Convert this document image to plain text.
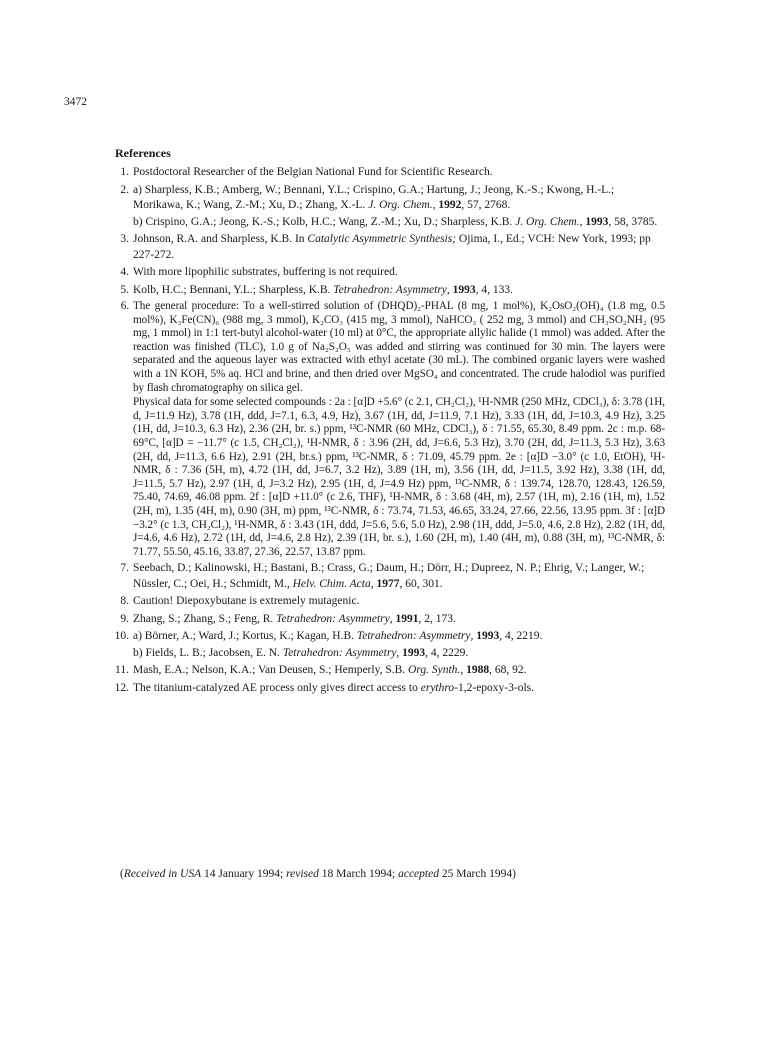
3472
References
1. Postdoctoral Researcher of the Belgian National Fund for Scientific Research.
2. a) Sharpless, K.B.; Amberg, W.; Bennani, Y.L.; Crispino, G.A.; Hartung, J.; Jeong, K.-S.; Kwong, H.-L.; Morikawa, K.; Wang, Z.-M.; Xu, D.; Zhang, X.-L. J. Org. Chem., 1992, 57, 2768.
b) Crispino, G.A.; Jeong, K.-S.; Kolb, H.C.; Wang, Z.-M.; Xu, D.; Sharpless, K.B. J. Org. Chem., 1993, 58, 3785.
3. Johnson, R.A. and Sharpless, K.B. In Catalytic Asymmetric Synthesis; Ojima, I., Ed.; VCH: New York, 1993; pp 227-272.
4. With more lipophilic substrates, buffering is not required.
5. Kolb, H.C.; Bennani, Y.L.; Sharpless, K.B. Tetrahedron: Asymmetry, 1993, 4, 133.
6. The general procedure: To a well-stirred solution of (DHQD)₂-PHAL (8 mg, 1 mol%), K₂OsO₂(OH)₄ (1.8 mg, 0.5 mol%), K₃Fe(CN)₆ (988 mg, 3 mmol), K₂CO₃ (415 mg, 3 mmol), NaHCO₃ ( 252 mg, 3 mmol) and CH₃SO₂NH₂ (95 mg, 1 mmol) in 1:1 tert-butyl alcohol-water (10 ml) at 0°C, the appropriate allylic halide (1 mmol) was added. After the reaction was finished (TLC), 1.0 g of Na₂S₂O₅ was added and stirring was continued for 30 min. The layers were separated and the aqueous layer was extracted with ethyl acetate (30 mL). The combined organic layers were washed with a 1N KOH, 5% aq. HCl and brine, and then dried over MgSO₄ and concentrated. The crude halodiol was purified by flash chromatography on silica gel.
Physical data for some selected compounds : 2a : [α]D +5.6° (c 2.1, CH₂Cl₂), ¹H-NMR (250 MHz, CDCl₃), δ: 3.78 (1H, d, J=11.9 Hz), 3.78 (1H, ddd, J=7.1, 6.3, 4.9, Hz), 3.67 (1H, dd, J=11.9, 7.1 Hz), 3.33 (1H, dd, J=10.3, 4.9 Hz), 3.25 (1H, dd, J=10.3, 6.3 Hz), 2.36 (2H, br. s.) ppm, ¹³C-NMR (60 MHz, CDCl₃), δ : 71.55, 65.30, 8.49 ppm. 2c : m.p. 68-69°C, [α]D = −11.7° (c 1.5, CH₂Cl₂), ¹H-NMR, δ : 3.96 (2H, dd, J=6.6, 5.3 Hz), 3.70 (2H, dd, J=11.3, 5.3 Hz), 3.63 (2H, dd, J=11.3, 6.6 Hz), 2.91 (2H, br.s.) ppm, ¹³C-NMR, δ : 71.09, 45.79 ppm. 2e : [α]D −3.0° (c 1.0, EtOH), ¹H-NMR, δ : 7.36 (5H, m), 4.72 (1H, dd, J=6.7, 3.2 Hz), 3.89 (1H, m), 3.56 (1H, dd, J=11.5, 3.92 Hz), 3.38 (1H, dd, J=11.5, 5.7 Hz), 2.97 (1H, d, J=3.2 Hz), 2.95 (1H, d, J=4.9 Hz) ppm, ¹³C-NMR, δ : 139.74, 128.70, 128.43, 126.59, 75.40, 74.69, 46.08 ppm. 2f : [α]D +11.0° (c 2.6, THF), ¹H-NMR, δ : 3.68 (4H, m), 2.57 (1H, m), 2.16 (1H, m), 1.52 (2H, m), 1.35 (4H, m), 0.90 (3H, m) ppm, ¹³C-NMR, δ : 73.74, 71.53, 46.65, 33.24, 27.66, 22.56, 13.95 ppm. 3f : [α]D −3.2° (c 1.3, CH₂Cl₂), ¹H-NMR, δ : 3.43 (1H, ddd, J=5.6, 5.6, 5.0 Hz), 2.98 (1H, ddd, J=5.0, 4.6, 2.8 Hz), 2.82 (1H, dd, J=4.6, 4.6 Hz), 2.72 (1H, dd, J=4.6, 2.8 Hz), 2.39 (1H, br. s.), 1.60 (2H, m), 1.40 (4H, m), 0.88 (3H, m), ¹³C-NMR, δ: 71.77, 55.50, 45.16, 33.87, 27.36, 22.57, 13.87 ppm.
7. Seebach, D.; Kalinowski, H.; Bastani, B.; Crass, G.; Daum, H.; Dörr, H.; Dupreez, N. P.; Ehrig, V.; Langer, W.; Nüssler, C.; Oei, H.; Schmidt, M., Helv. Chim. Acta, 1977, 60, 301.
8. Caution! Diepoxybutane is extremely mutagenic.
9. Zhang, S.; Zhang, S.; Feng, R. Tetrahedron: Asymmetry, 1991, 2, 173.
10. a) Börner, A.; Ward, J.; Kortus, K.; Kagan, H.B. Tetrahedron: Asymmetry, 1993, 4, 2219.
b) Fields, L. B.; Jacobsen, E. N. Tetrahedron: Asymmetry, 1993, 4, 2229.
11. Mash, E.A.; Nelson, K.A.; Van Deusen, S.; Hemperly, S.B. Org. Synth., 1988, 68, 92.
12. The titanium-catalyzed AE process only gives direct access to erythro-1,2-epoxy-3-ols.
(Received in USA 14 January 1994; revised 18 March 1994; accepted 25 March 1994)
